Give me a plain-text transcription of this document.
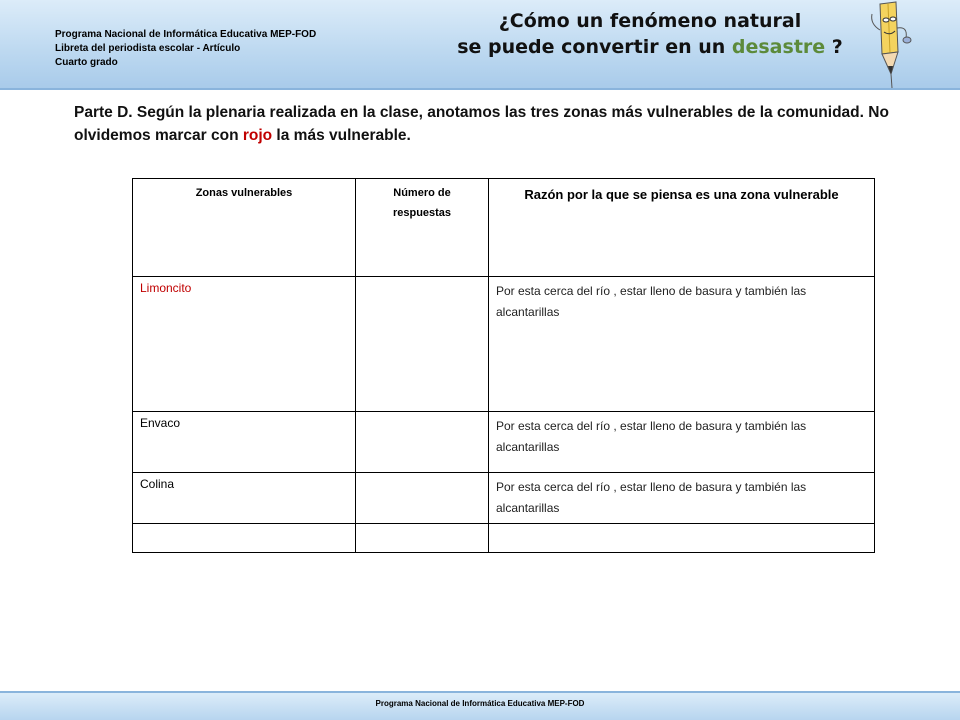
Programa Nacional de Informática Educativa MEP-FOD
Libreta del periodista escolar - Artículo
Cuarto grado
¿Cómo un fenómeno natural
se puede convertir en un desastre ?
Parte D. Según la plenaria realizada en la clase, anotamos las tres zonas más vulnerables de la comunidad. No olvidemos marcar con rojo la más vulnerable.
Zonas vulnerables	Número de respuestas	Razón por la que se piensa es una zona vulnerable
Limoncito		Por esta cerca del río , estar lleno de basura y también las alcantarillas

Envaco		Por esta cerca del río , estar lleno de basura y también las alcantarillas

Colina		Por esta cerca del río , estar lleno de basura y también las alcantarillas

Programa Nacional de Informática Educativa MEP-FOD
